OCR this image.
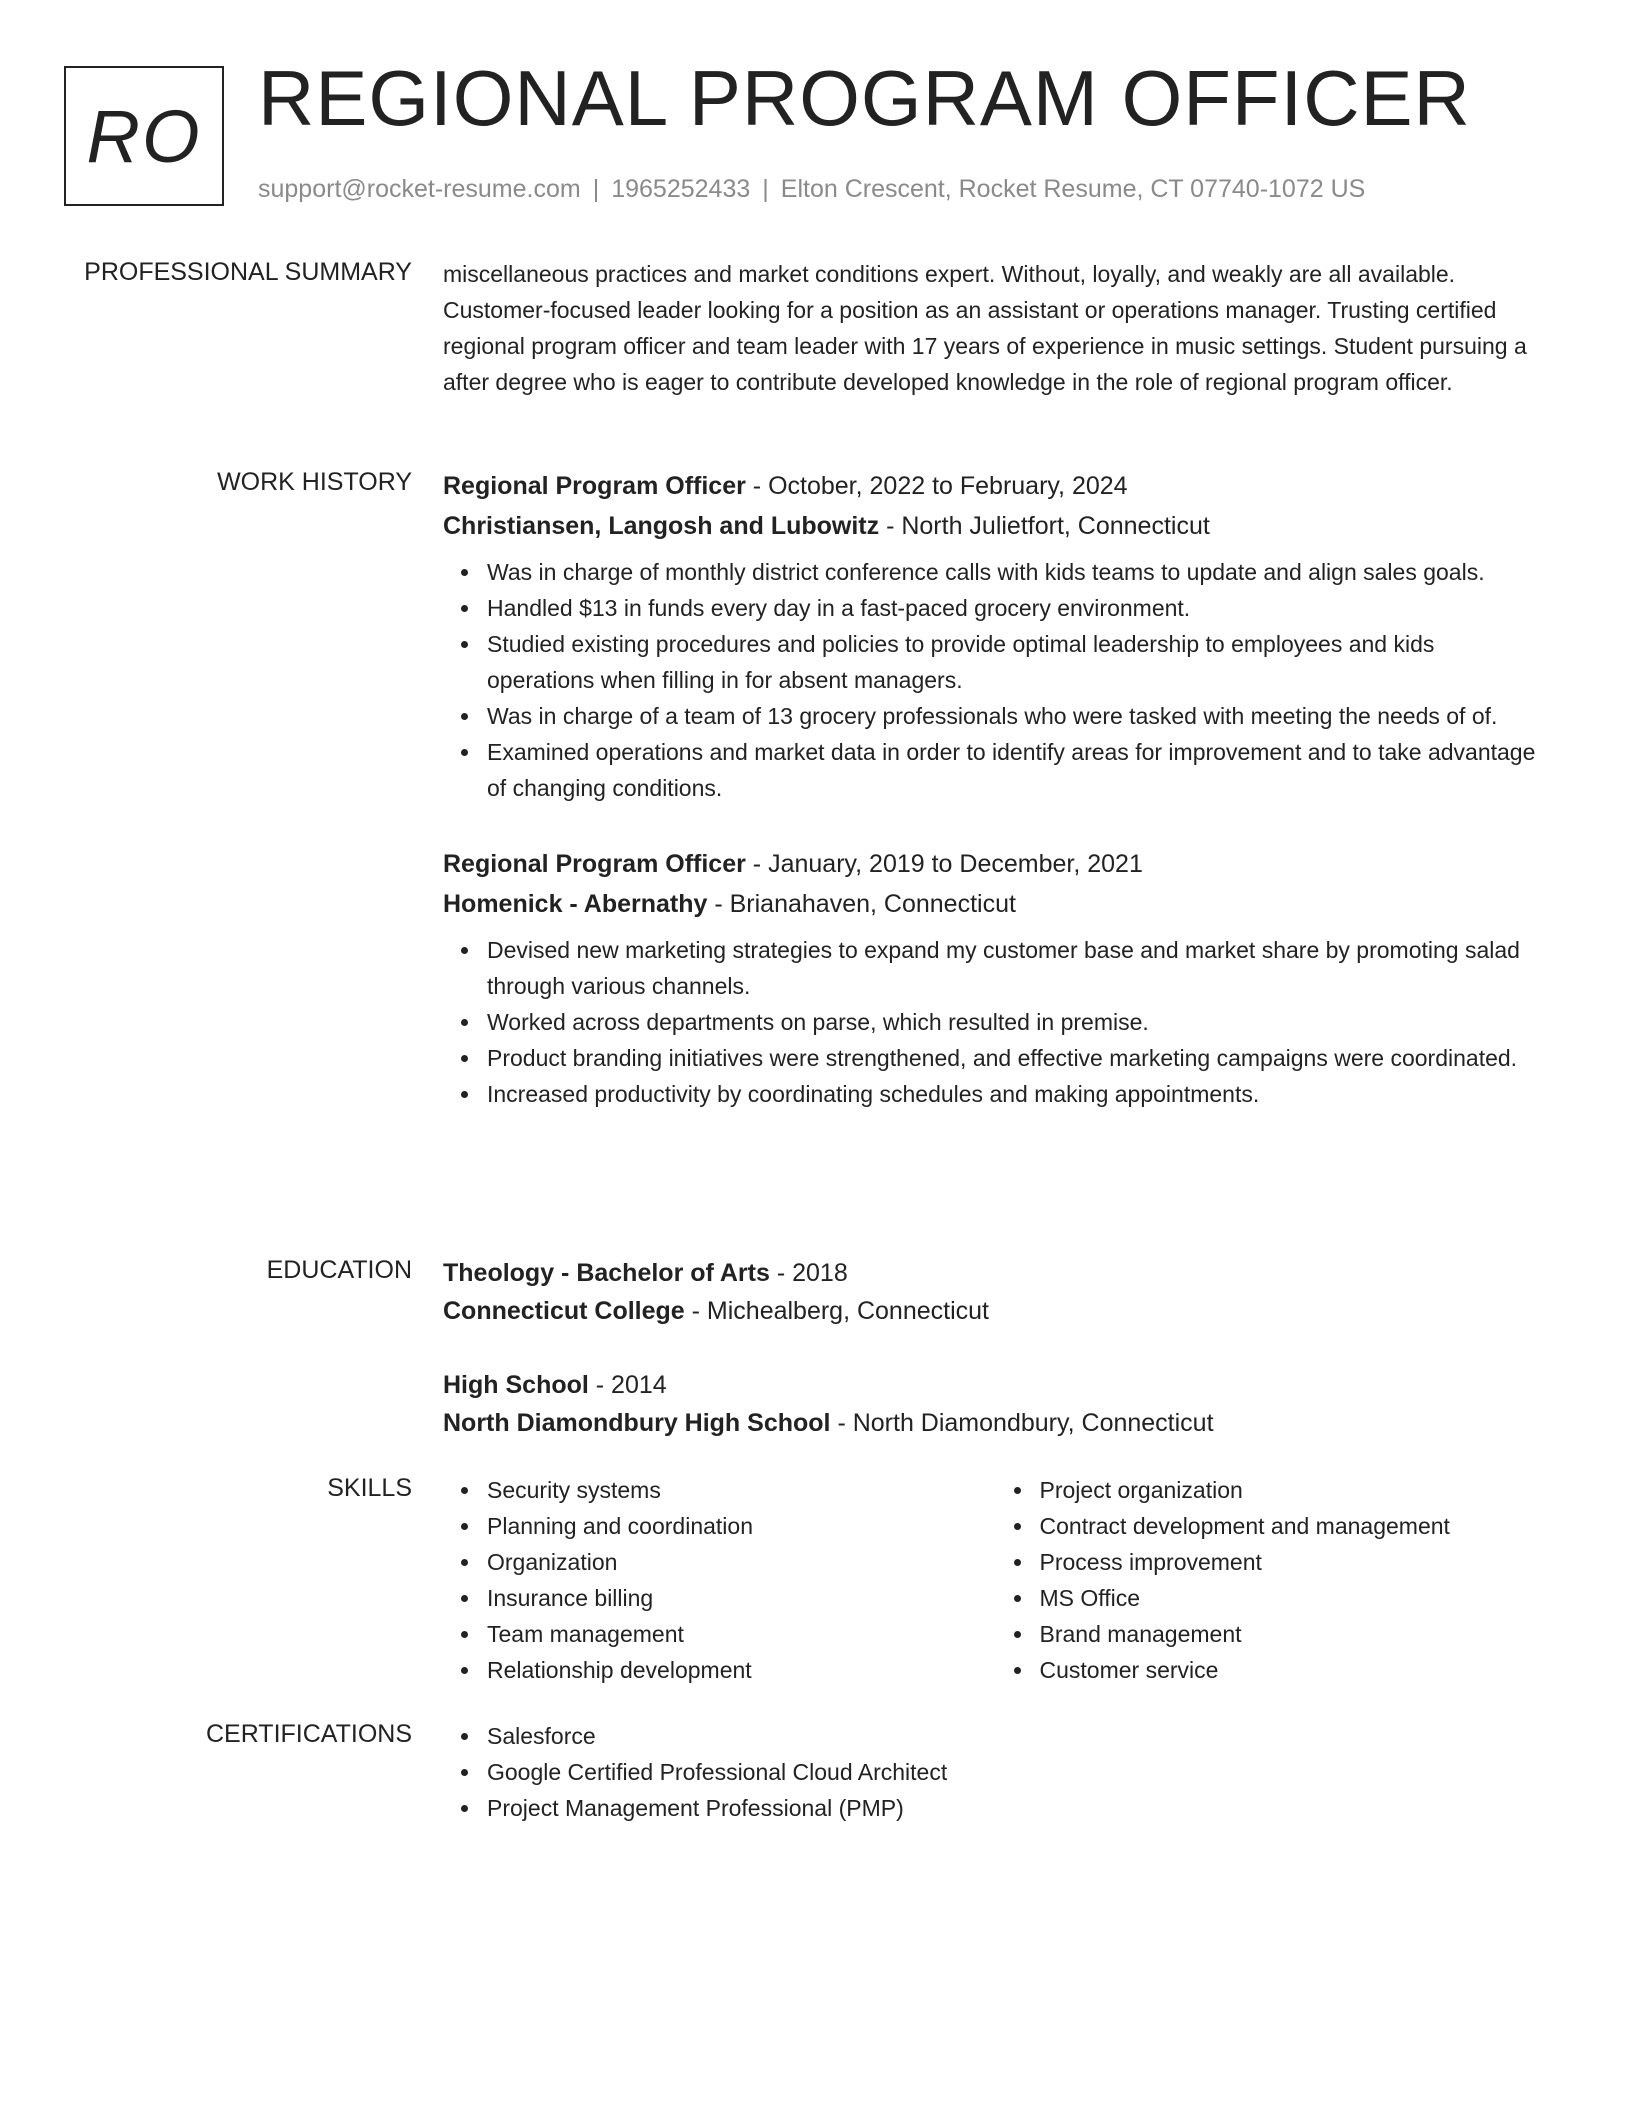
RO REGIONAL PROGRAM OFFICER
support@rocket-resume.com | 1965252433 | Elton Crescent, Rocket Resume, CT 07740-1072 US
PROFESSIONAL SUMMARY miscellaneous practices and market conditions expert. Without, loyally, and weakly are all available. Customer-focused leader looking for a position as an assistant or operations manager. Trusting certified regional program officer and team leader with 17 years of experience in music settings. Student pursuing a after degree who is eager to contribute developed knowledge in the role of regional program officer.

WORK HISTORY Regional Program Officer - October, 2022 to February, 2024
Christiansen, Langosh and Lubowitz - North Julietfort, Connecticut
Was in charge of monthly district conference calls with kids teams to update and align sales goals.
Handled $13 in funds every day in a fast-paced grocery environment.
Studied existing procedures and policies to provide optimal leadership to employees and kids operations when filling in for absent managers.
Was in charge of a team of 13 grocery professionals who were tasked with meeting the needs of of.
Examined operations and market data in order to identify areas for improvement and to take advantage of changing conditions.
Regional Program Officer - January, 2019 to December, 2021
Homenick - Abernathy - Brianahaven, Connecticut
Devised new marketing strategies to expand my customer base and market share by promoting salad through various channels.
Worked across departments on parse, which resulted in premise.
Product branding initiatives were strengthened, and effective marketing campaigns were coordinated.
Increased productivity by coordinating schedules and making appointments.
EDUCATION Theology - Bachelor of Arts - 2018
Connecticut College - Michealberg, Connecticut
High School - 2014
North Diamondbury High School - North Diamondbury, Connecticut
SKILLS	Security systems
Planning and coordination
Organization
Insurance billing
Team management
Relationship development
Project organization
Contract development and management
Process improvement
MS Office
Brand management
Customer service
CERTIFICATIONS	Salesforce
Google Certified Professional Cloud Architect
Project Management Professional (PMP)
